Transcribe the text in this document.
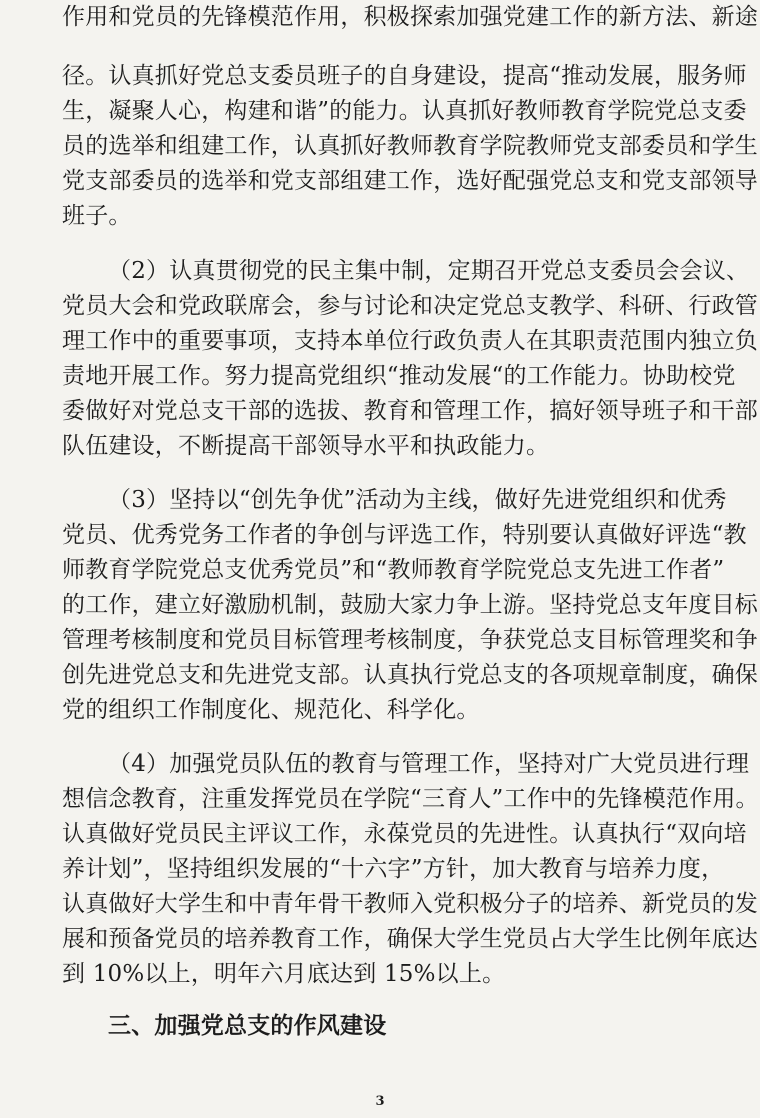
作用和党员的先锋模范作用，积极探索加强党建工作的新方法、新途
径。认真抓好党总支委员班子的自身建设，提高“推动发展，服务师
生，凝聚人心，构建和谐”的能力。认真抓好教师教育学院党总支委
员的选举和组建工作，认真抓好教师教育学院教师党支部委员和学生
党支部委员的选举和党支部组建工作，选好配强党总支和党支部领导
班子。
（2）认真贯彻党的民主集中制，定期召开党总支委员会会议、
党员大会和党政联席会，参与讨论和决定党总支教学、科研、行政管
理工作中的重要事项，支持本单位行政负责人在其职责范围内独立负
责地开展工作。努力提高党组织“推动发展“的工作能力。协助校党
委做好对党总支干部的选拔、教育和管理工作，搞好领导班子和干部
队伍建设，不断提高干部领导水平和执政能力。
（3）坚持以“创先争优”活动为主线，做好先进党组织和优秀
党员、优秀党务工作者的争创与评选工作，特别要认真做好评选“教
师教育学院党总支优秀党员”和“教师教育学院党总支先进工作者”
的工作，建立好激励机制，鼓励大家力争上游。坚持党总支年度目标
管理考核制度和党员目标管理考核制度，争获党总支目标管理奖和争
创先进党总支和先进党支部。认真执行党总支的各项规章制度，确保
党的组织工作制度化、规范化、科学化。
（4）加强党员队伍的教育与管理工作，坚持对广大党员进行理
想信念教育，注重发挥党员在学院“三育人”工作中的先锋模范作用。
认真做好党员民主评议工作，永葆党员的先进性。认真执行“双向培
养计划”，坚持组织发展的“十六字”方针，加大教育与培养力度，
认真做好大学生和中青年骨干教师入党积极分子的培养、新党员的发
展和预备党员的培养教育工作，确保大学生党员占大学生比例年底达
到 10%以上，明年六月底达到 15%以上。
三、加强党总支的作风建设
3
